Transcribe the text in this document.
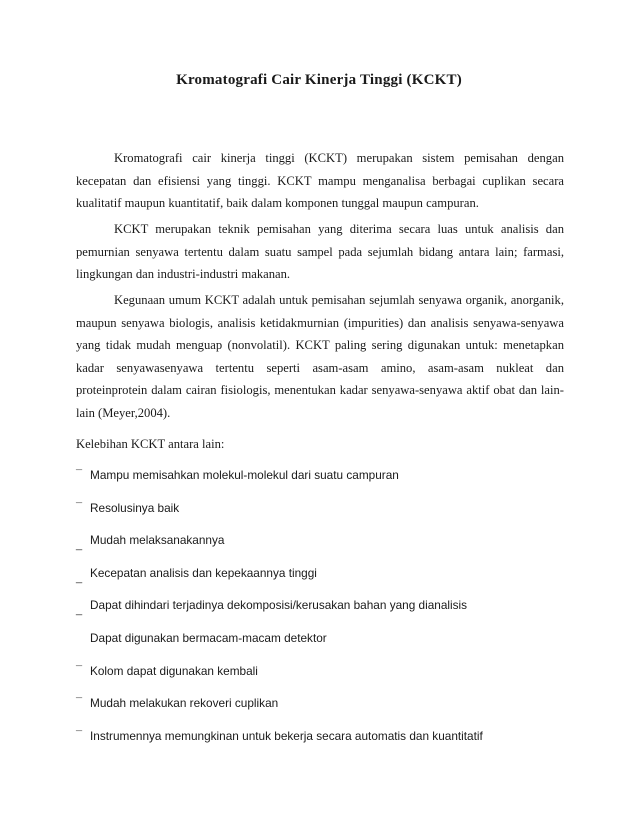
Kromatografi Cair Kinerja Tinggi (KCKT)

Kromatografi cair kinerja tinggi (KCKT) merupakan sistem pemisahan dengan kecepatan dan efisiensi yang tinggi. KCKT mampu menganalisa berbagai cuplikan secara kualitatif maupun kuantitatif, baik dalam komponen tunggal maupun campuran.

KCKT merupakan teknik pemisahan yang diterima secara luas untuk analisis dan pemurnian senyawa tertentu dalam suatu sampel pada sejumlah bidang antara lain; farmasi, lingkungan dan industri-industri makanan.

Kegunaan umum KCKT adalah untuk pemisahan sejumlah senyawa organik, anorganik, maupun senyawa biologis, analisis ketidakmurnian (impurities) dan analisis senyawa-senyawa yang tidak mudah menguap (nonvolatil). KCKT paling sering digunakan untuk: menetapkan kadar senyawasenyawa tertentu seperti asam-asam amino, asam-asam nukleat dan proteinprotein dalam cairan fisiologis, menentukan kadar senyawa-senyawa aktif obat dan lain-lain (Meyer,2004).

Kelebihan KCKT antara lain:

¯ Mampu memisahkan molekul-molekul dari suatu campuran
¯ Resolusinya baik
_ Mudah melaksanakannya
_ Kecepatan analisis dan kepekaannya tinggi
_ Dapat dihindari terjadinya dekomposisi/kerusakan bahan yang dianalisis
Dapat digunakan bermacam-macam detektor
¯ Kolom dapat digunakan kembali
¯ Mudah melakukan rekoveri cuplikan
¯ Instrumennya memungkinan untuk bekerja secara automatis dan kuantitatif
